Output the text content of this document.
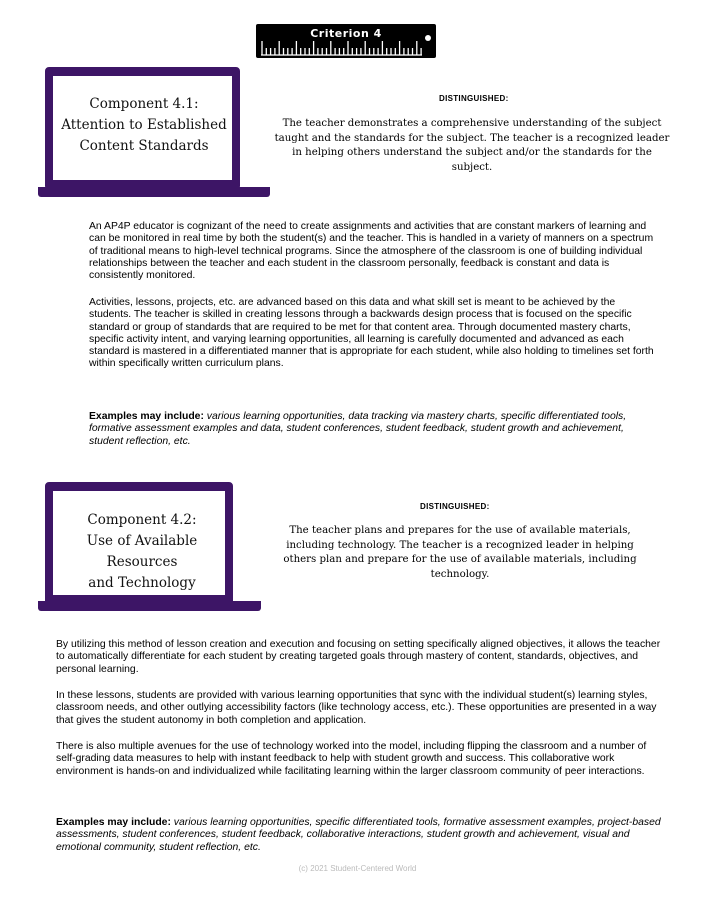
Criterion 4
Component 4.1:
Attention to Established
Content Standards
DISTINGUISHED:
The teacher demonstrates a comprehensive understanding of the subject taught and the standards for the subject. The teacher is a recognized leader in helping others understand the subject and/or the standards for the subject.
An AP4P educator is cognizant of the need to create assignments and activities that are constant markers of learning and can be monitored in real time by both the student(s) and the teacher. This is handled in a variety of manners on a spectrum of traditional means to high-level technical programs. Since the atmosphere of the classroom is one of building individual relationships between the teacher and each student in the classroom personally, feedback is constant and data is consistently monitored.
Activities, lessons, projects, etc. are advanced based on this data and what skill set is meant to be achieved by the students. The teacher is skilled in creating lessons through a backwards design process that is focused on the specific standard or group of standards that are required to be met for that content area. Through documented mastery charts, specific activity intent, and varying learning opportunities, all learning is carefully documented and advanced as each standard is mastered in a differentiated manner that is appropriate for each student, while also holding to timelines set forth within specifically written curriculum plans.
Examples may include: various learning opportunities, data tracking via mastery charts, specific differentiated tools, formative assessment examples and data, student conferences, student feedback, student growth and achievement, student reflection, etc.
Component 4.2:
Use of Available Resources
and Technology
DISTINGUISHED:
The teacher plans and prepares for the use of available materials, including technology. The teacher is a recognized leader in helping others plan and prepare for the use of available materials, including technology.
By utilizing this method of lesson creation and execution and focusing on setting specifically aligned objectives, it allows the teacher to automatically differentiate for each student by creating targeted goals through mastery of content, standards, objectives, and personal learning.
In these lessons, students are provided with various learning opportunities that sync with the individual student(s) learning styles, classroom needs, and other outlying accessibility factors (like technology access, etc.). These opportunities are presented in a way that gives the student autonomy in both completion and application.
There is also multiple avenues for the use of technology worked into the model, including flipping the classroom and a number of self-grading data measures to help with instant feedback to help with student growth and success. This collaborative work environment is hands-on and individualized while facilitating learning within the larger classroom community of peer interactions.
Examples may include: various learning opportunities, specific differentiated tools, formative assessment examples, project-based assessments, student conferences, student feedback, collaborative interactions, student growth and achievement, visual and emotional community, student reflection, etc.
(c) 2021 Student-Centered World
